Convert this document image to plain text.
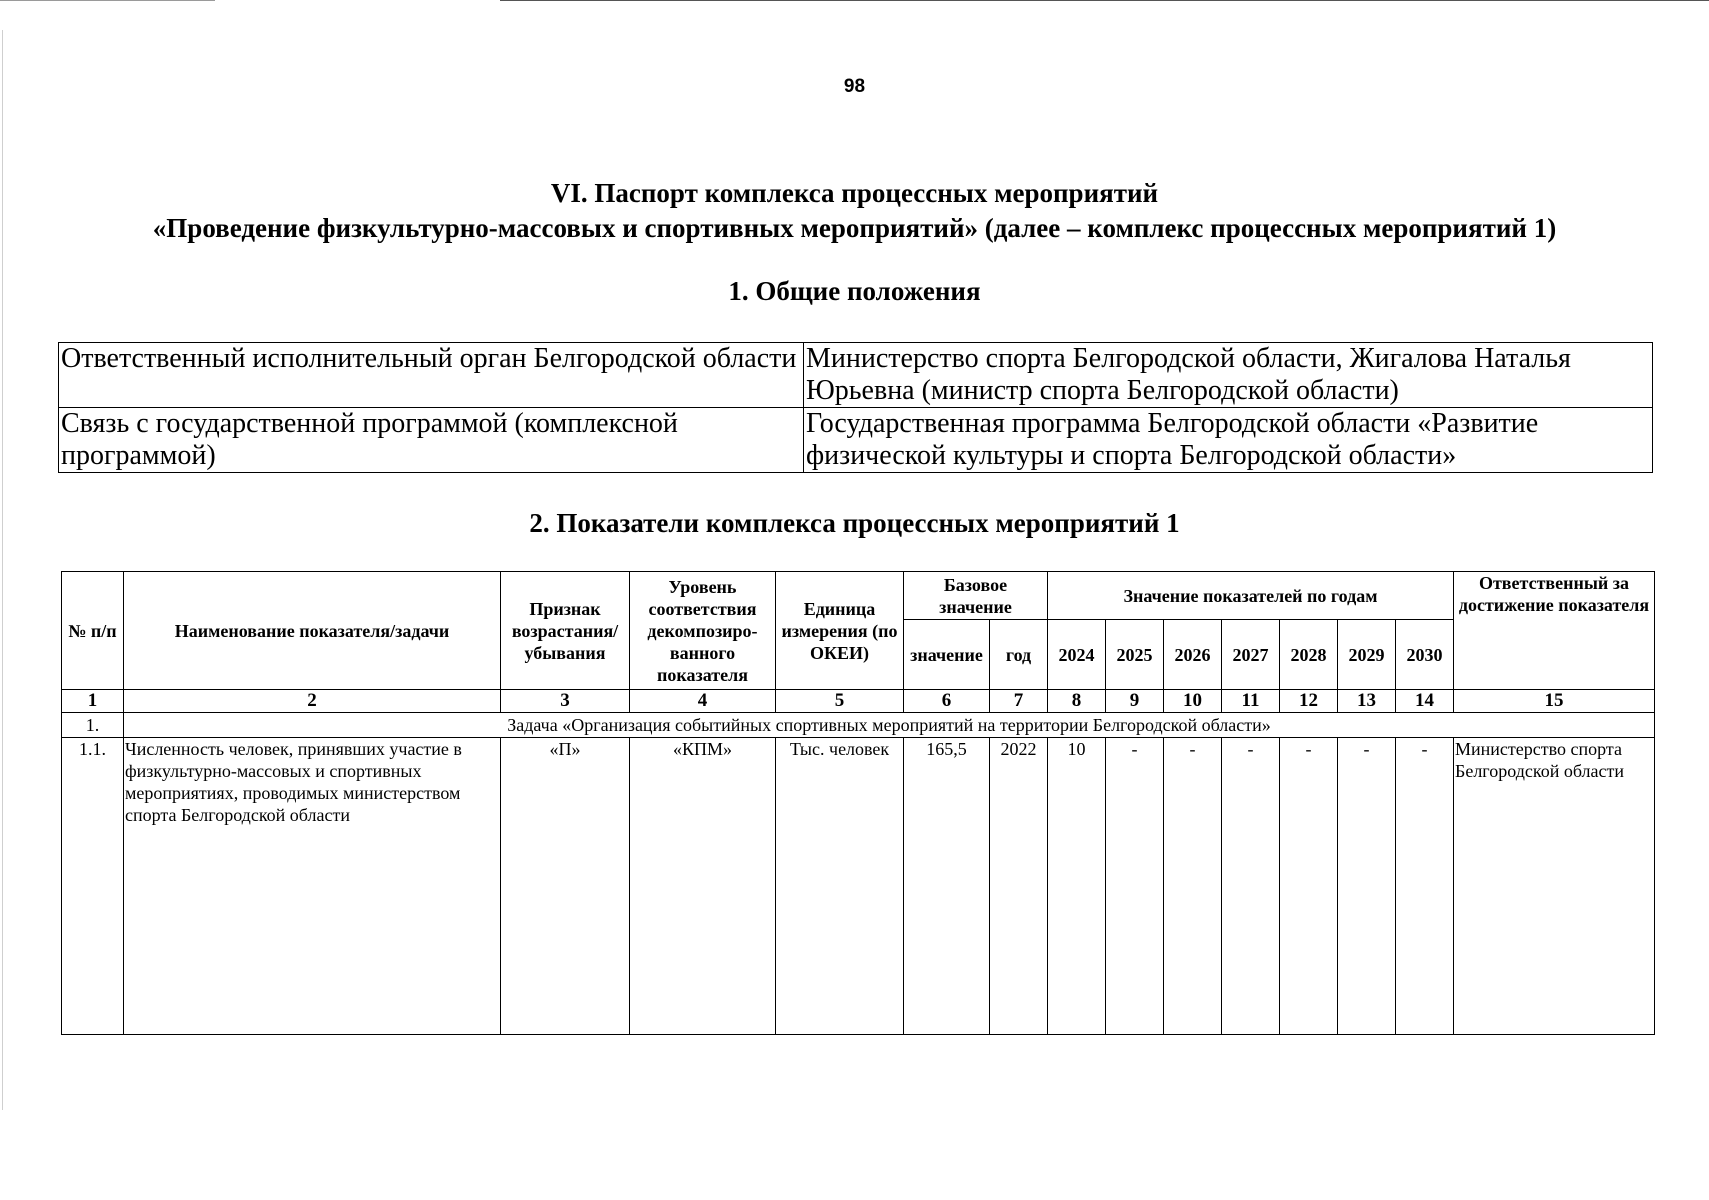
98
VI. Паспорт комплекса процессных мероприятий
«Проведение физкультурно-массовых и спортивных мероприятий» (далее – комплекс процессных мероприятий 1)
1. Общие положения
Ответственный исполнительный орган Белгородской области	Министерство спорта Белгородской области, Жигалова Наталья Юрьевна (министр спорта Белгородской области)
Связь с государственной программой (комплексной программой)	Государственная программа Белгородской области «Развитие физической культуры и спорта Белгородской области»
2. Показатели комплекса процессных мероприятий 1
№ п/п	Наименование показателя/задачи	Признак возрастания/ убывания	Уровень соответствия декомпозиро-ванного показателя	Единица измерения (по ОКЕИ)	Базовое значение		Значение показателей по годам							Ответственный за достижение показателя
					значение	год	2024	2025	2026	2027	2028	2029	2030	
1	2	3	4	5	6	7	8	9	10	11	12	13	14	15
1.	Задача «Организация событийных спортивных мероприятий на территории Белгородской области»													
1.1.	Численность человек, принявших участие в физкультурно-массовых и спортивных мероприятиях, проводимых министерством спорта Белгородской области	«П»	«КПМ»	Тыс. человек	165,5	2022	10	-	-	-	-	-	-	Министерство спорта Белгородской области
